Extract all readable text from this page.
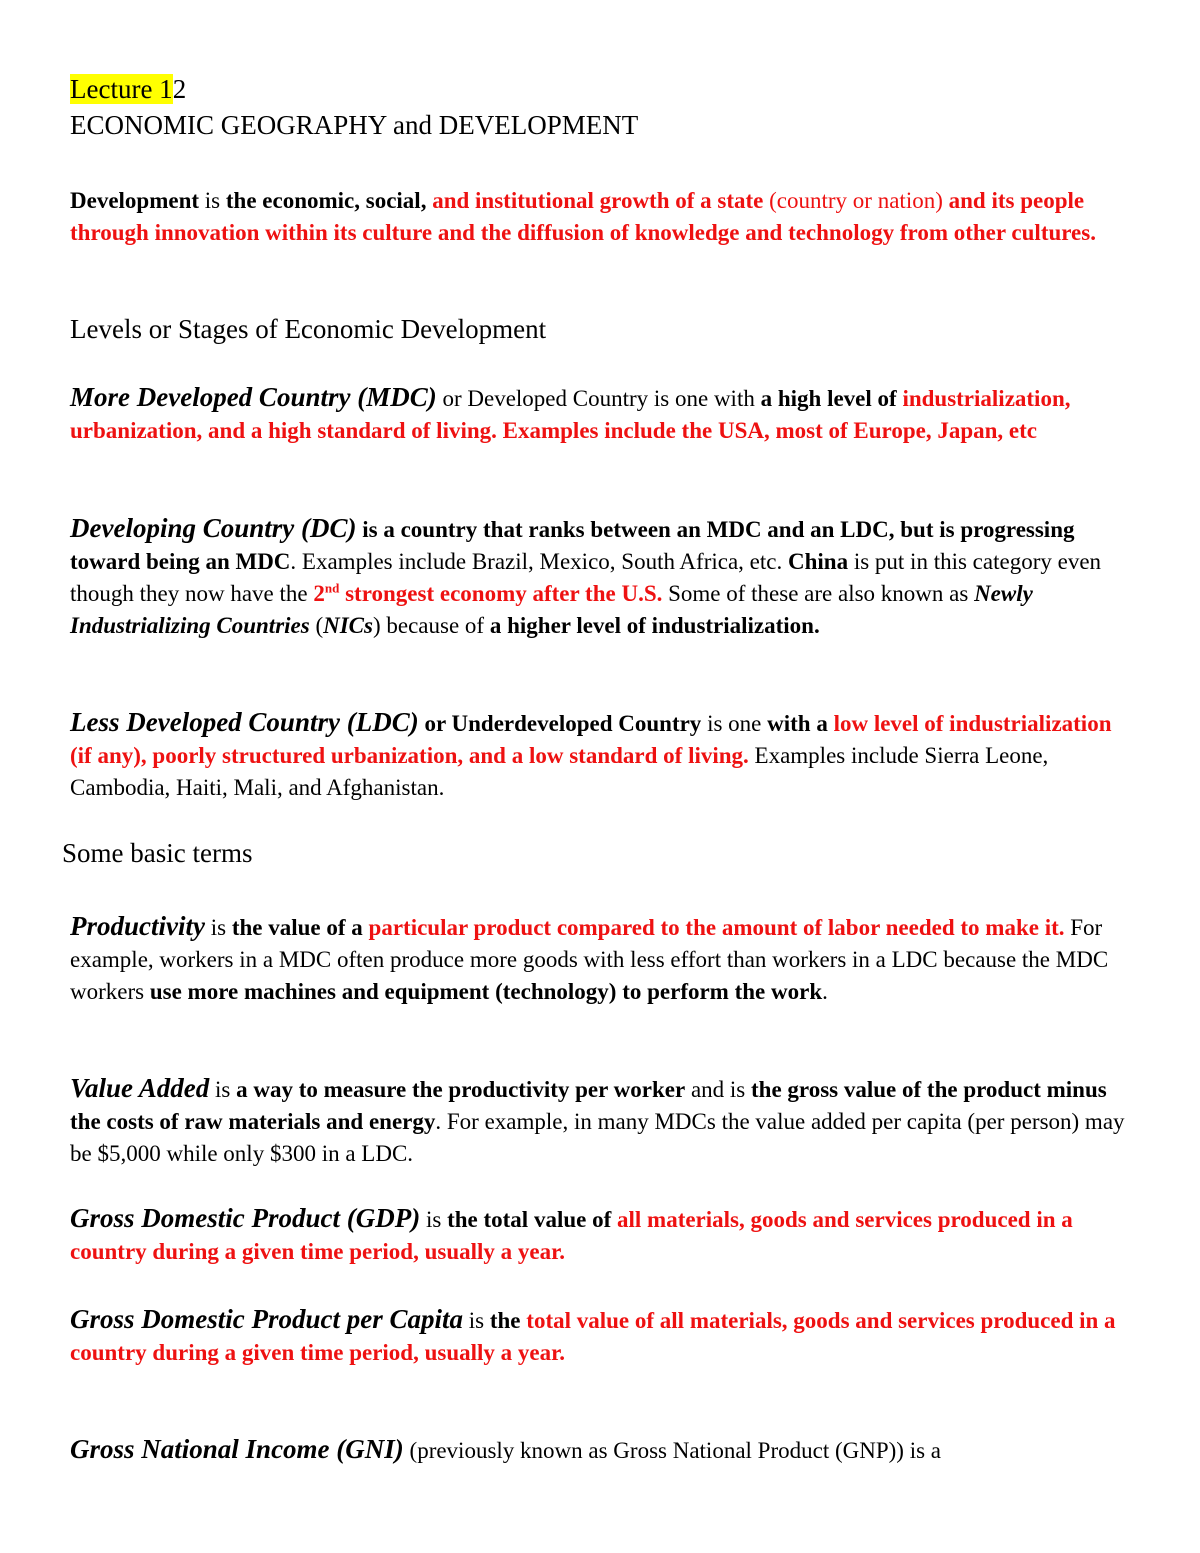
Lecture 12
ECONOMIC GEOGRAPHY and DEVELOPMENT
Development is the economic, social, and institutional growth of a state (country or nation) and its people through innovation within its culture and the diffusion of knowledge and technology from other cultures.
Levels or Stages of Economic Development
More Developed Country (MDC) or Developed Country is one with a high level of industrialization, urbanization, and a high standard of living. Examples include the USA, most of Europe, Japan, etc
Developing Country (DC) is a country that ranks between an MDC and an LDC, but is progressing toward being an MDC. Examples include Brazil, Mexico, South Africa, etc. China is put in this category even though they now have the 2nd strongest economy after the U.S. Some of these are also known as Newly Industrializing Countries (NICs) because of a higher level of industrialization.
Less Developed Country (LDC) or Underdeveloped Country is one with a low level of industrialization (if any), poorly structured urbanization, and a low standard of living. Examples include Sierra Leone, Cambodia, Haiti, Mali, and Afghanistan.
Some basic terms
Productivity is the value of a particular product compared to the amount of labor needed to make it. For example, workers in a MDC often produce more goods with less effort than workers in a LDC because the MDC workers use more machines and equipment (technology) to perform the work.
Value Added is a way to measure the productivity per worker and is the gross value of the product minus the costs of raw materials and energy. For example, in many MDCs the value added per capita (per person) may be $5,000 while only $300 in a LDC.
Gross Domestic Product (GDP) is the total value of all materials, goods and services produced in a country during a given time period, usually a year.
Gross Domestic Product per Capita is the total value of all materials, goods and services produced in a country during a given time period, usually a year.
Gross National Income (GNI) (previously known as Gross National Product (GNP)) is a
